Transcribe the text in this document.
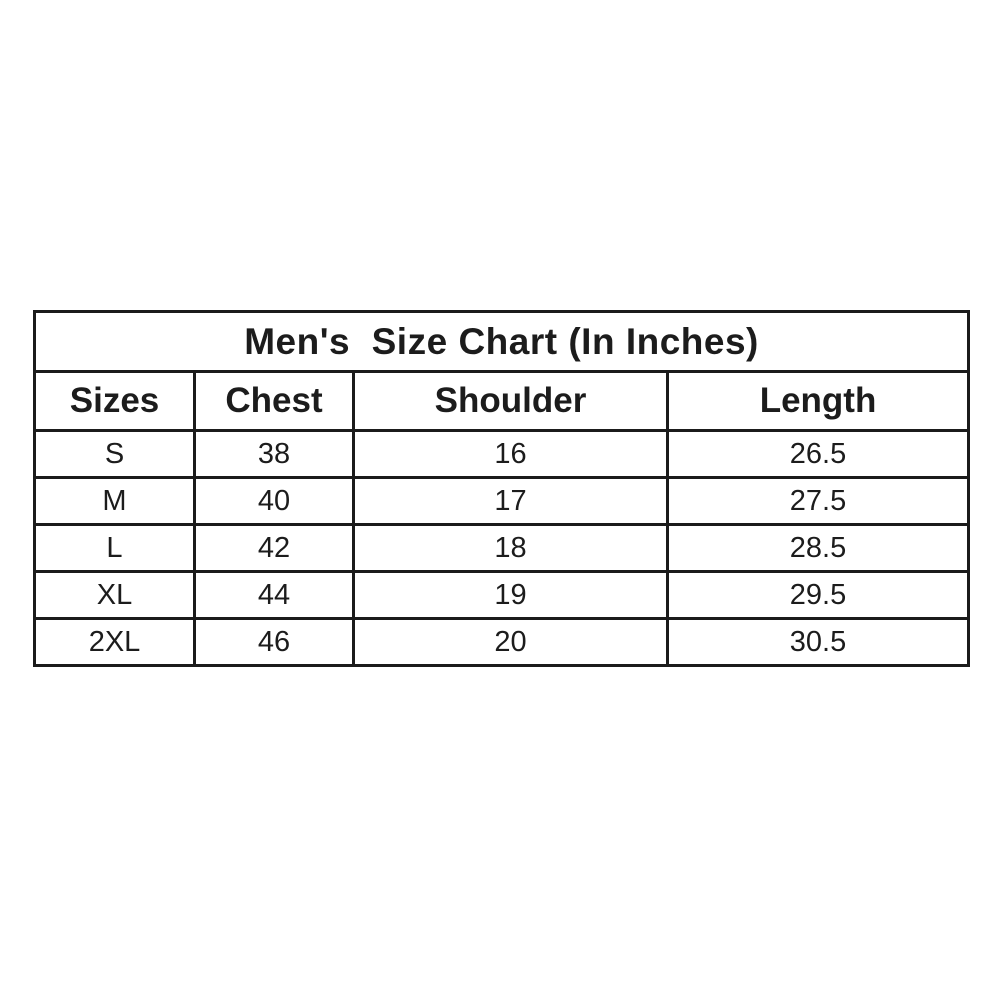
Men's  Size Chart (In Inches)			
Sizes	Chest	Shoulder	Length
S	38	16	26.5
M	40	17	27.5
L	42	18	28.5
XL	44	19	29.5
2XL	46	20	30.5
